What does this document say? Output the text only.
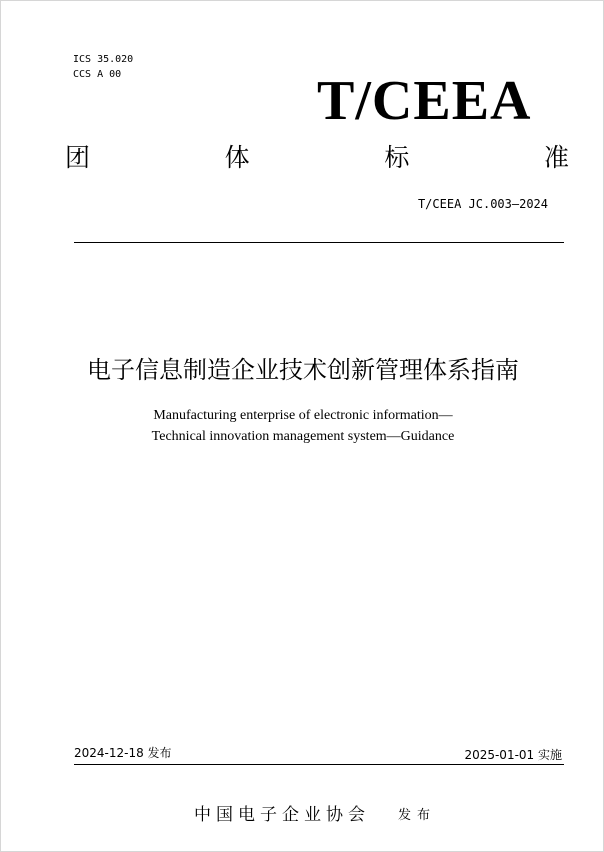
ICS 35.020
CCS A 00	T/CEEA
团	体	标	准
T/CEEA JC.003—2024
电子信息制造企业技术创新管理体系指南
Manufacturing enterprise of electronic information—
Technical innovation management system—Guidance
2024-12-18 发布	2025-01-01 实施
中国电子企业协会 发布
